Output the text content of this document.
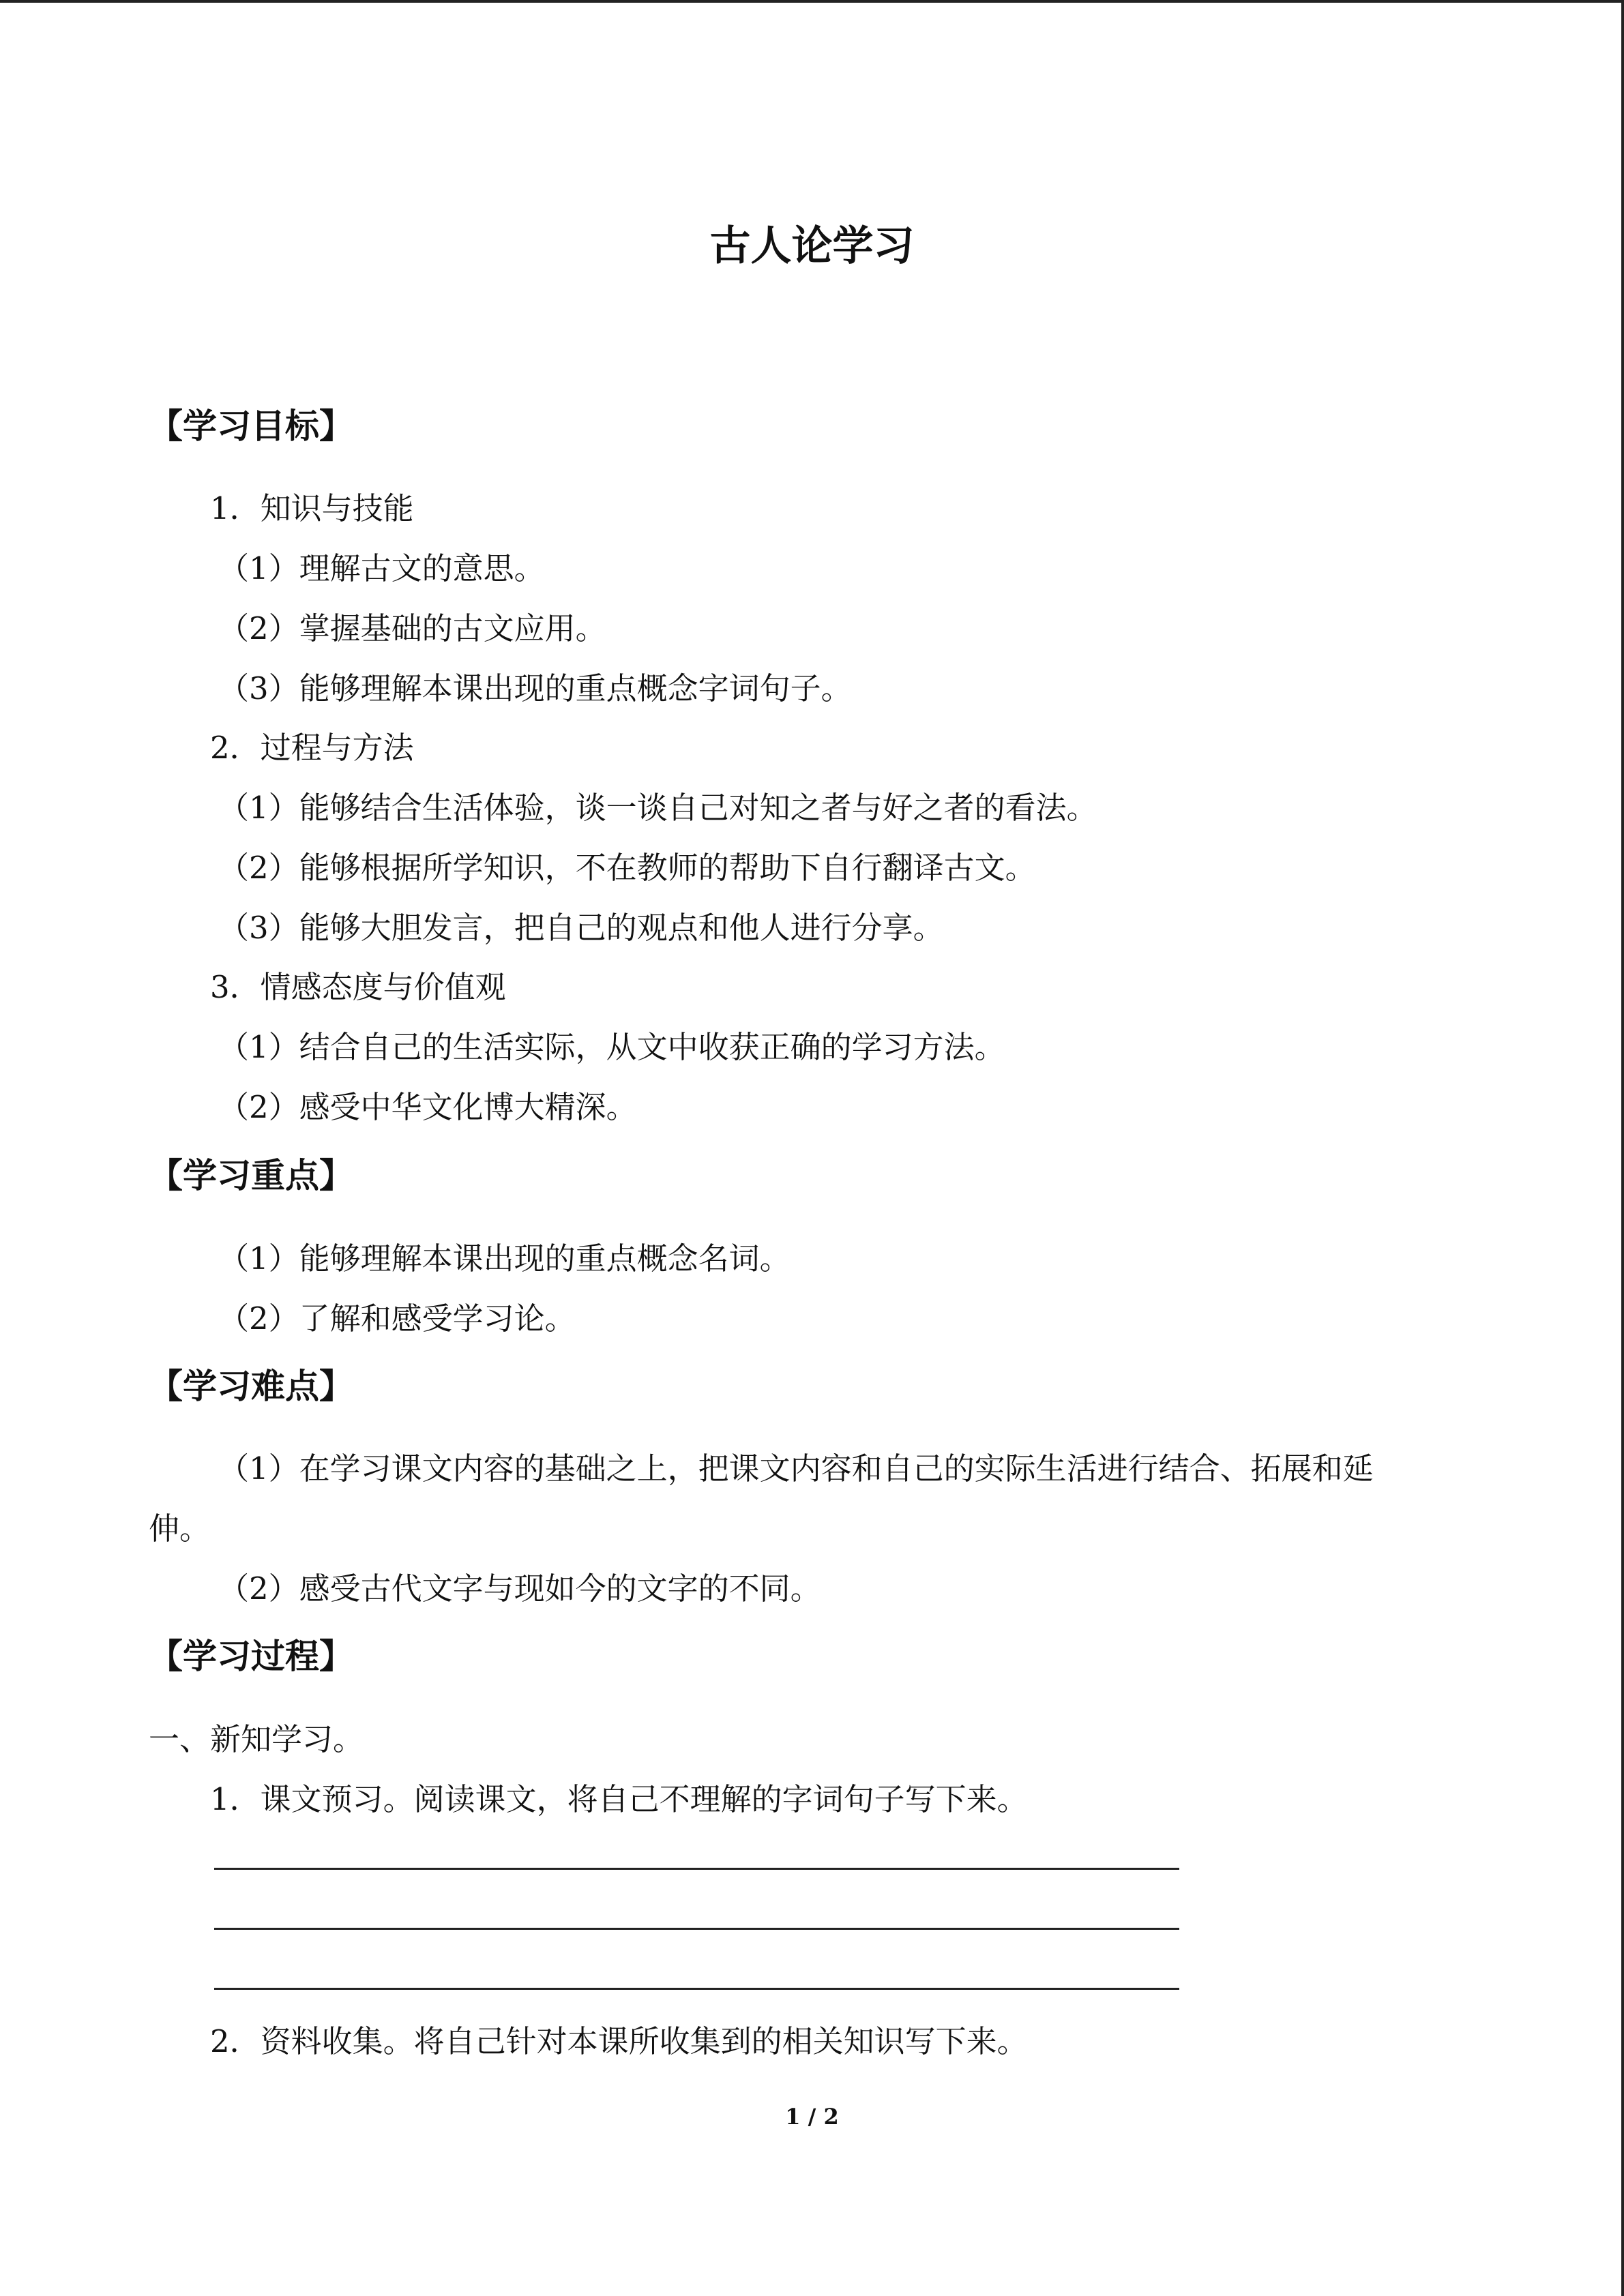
古人论学习
【学习目标】
1．知识与技能
（1）理解古文的意思。
（2）掌握基础的古文应用。
（3）能够理解本课出现的重点概念字词句子。
2．过程与方法
（1）能够结合生活体验，谈一谈自己对知之者与好之者的看法。
（2）能够根据所学知识，不在教师的帮助下自行翻译古文。
（3）能够大胆发言，把自己的观点和他人进行分享。
3．情感态度与价值观
（1）结合自己的生活实际，从文中收获正确的学习方法。
（2）感受中华文化博大精深。
【学习重点】
（1）能够理解本课出现的重点概念名词。
（2）了解和感受学习论。
【学习难点】
（1）在学习课文内容的基础之上，把课文内容和自己的实际生活进行结合、拓展和延
伸。
（2）感受古代文字与现如今的文字的不同。
【学习过程】
一、新知学习。
1．课文预习。阅读课文，将自己不理解的字词句子写下来。
2．资料收集。将自己针对本课所收集到的相关知识写下来。
1 / 2
